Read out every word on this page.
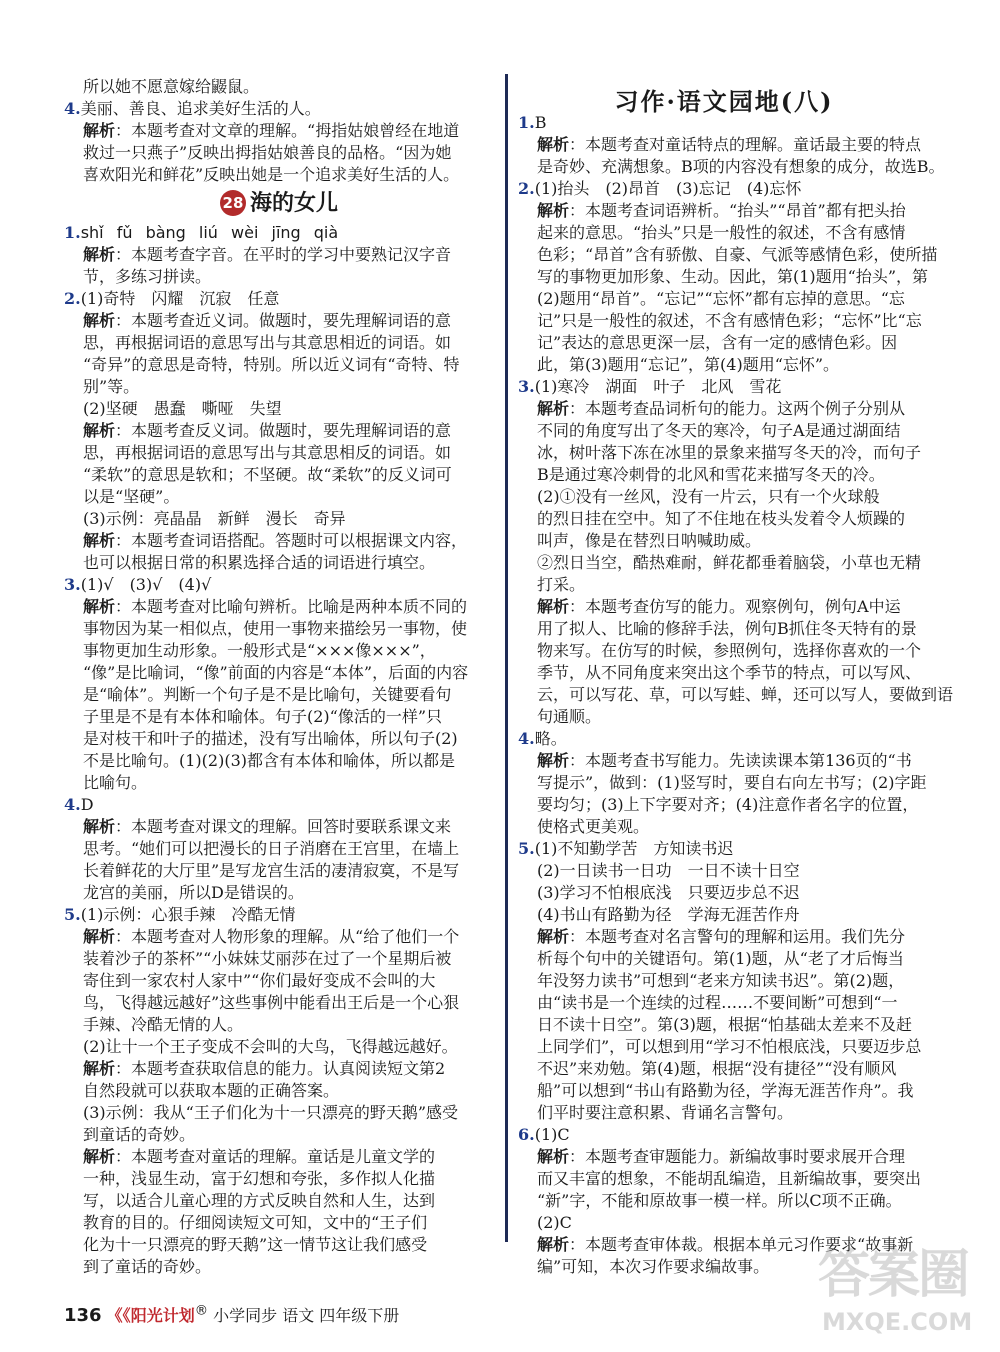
习作·语文园地(八)
所以她不愿意嫁给鼹鼠。
4.美丽、善良、追求美好生活的人。
解析：本题考查对文章的理解。“拇指姑娘曾经在地道
救过一只燕子”反映出拇指姑娘善良的品格。“因为她
喜欢阳光和鲜花”反映出她是一个追求美好生活的人。
28 海的女儿
1.shǐ fǔ bàng liú wèi jīng qià
解析：本题考查字音。在平时的学习中要熟记汉字音
节，多练习拼读。
2.(1)奇特　闪耀　沉寂　任意
解析：本题考查近义词。做题时，要先理解词语的意
思，再根据词语的意思写出与其意思相近的词语。如
“奇异”的意思是奇特，特别。所以近义词有“奇特、特
别”等。
(2)坚硬　愚蠢　嘶哑　失望
解析：本题考查反义词。做题时，要先理解词语的意
思，再根据词语的意思写出与其意思相反的词语。如
“柔软”的意思是软和；不坚硬。故“柔软”的反义词可
以是“坚硬”。
(3)示例：亮晶晶　新鲜　漫长　奇异
解析：本题考查词语搭配。答题时可以根据课文内容，
也可以根据日常的积累选择合适的词语进行填空。
3.(1)√　(3)√　(4)√
解析：本题考查对比喻句辨析。比喻是两种本质不同的
事物因为某一相似点，使用一事物来描绘另一事物，使
事物更加生动形象。一般形式是“×××像×××”，
“像”是比喻词，“像”前面的内容是“本体”，后面的内容
是“喻体”。判断一个句子是不是比喻句，关键要看句
子里是不是有本体和喻体。句子(2)“像活的一样”只
是对枝干和叶子的描述，没有写出喻体，所以句子(2)
不是比喻句。(1)(2)(3)都含有本体和喻体，所以都是
比喻句。
4.D
解析：本题考查对课文的理解。回答时要联系课文来
思考。“她们可以把漫长的日子消磨在王宫里，在墙上
长着鲜花的大厅里”是写龙宫生活的凄清寂寞，不是写
龙宫的美丽，所以D是错误的。
5.(1)示例：心狠手辣　冷酷无情
解析：本题考查对人物形象的理解。从“给了他们一个
装着沙子的茶杯”“小妹妹艾丽莎在过了一个星期后被
寄住到一家农村人家中”“你们最好变成不会叫的大
鸟，飞得越远越好”这些事例中能看出王后是一个心狠
手辣、冷酷无情的人。
(2)让十一个王子变成不会叫的大鸟，飞得越远越好。
解析：本题考查获取信息的能力。认真阅读短文第2
自然段就可以获取本题的正确答案。
(3)示例：我从“王子们化为十一只漂亮的野天鹅”感受
到童话的奇妙。
解析：本题考查对童话的理解。童话是儿童文学的
一种，浅显生动，富于幻想和夸张，多作拟人化描
写，以适合儿童心理的方式反映自然和人生，达到
教育的目的。仔细阅读短文可知，文中的“王子们
化为十一只漂亮的野天鹅”这一情节这让我们感受
到了童话的奇妙。
1.B
解析：本题考查对童话特点的理解。童话最主要的特点
是奇妙、充满想象。B项的内容没有想象的成分，故选B。
2.(1)抬头　(2)昂首　(3)忘记　(4)忘怀
解析：本题考查词语辨析。“抬头”“昂首”都有把头抬
起来的意思。“抬头”只是一般性的叙述，不含有感情
色彩；“昂首”含有骄傲、自豪、气派等感情色彩，使所描
写的事物更加形象、生动。因此，第(1)题用“抬头”，第
(2)题用“昂首”。“忘记”“忘怀”都有忘掉的意思。“忘
记”只是一般性的叙述，不含有感情色彩；“忘怀”比“忘
记”表达的意思更深一层，含有一定的感情色彩。因
此，第(3)题用“忘记”，第(4)题用“忘怀”。
3.(1)寒冷　湖面　叶子　北风　雪花
解析：本题考查品词析句的能力。这两个例子分别从
不同的角度写出了冬天的寒冷，句子A是通过湖面结
冰，树叶落下冻在冰里的景象来描写冬天的冷，而句子
B是通过寒冷刺骨的北风和雪花来描写冬天的冷。
(2)①没有一丝风，没有一片云，只有一个火球般
的烈日挂在空中。知了不住地在枝头发着令人烦躁的
叫声，像是在替烈日呐喊助威。
②烈日当空，酷热难耐，鲜花都垂着脑袋，小草也无精
打采。
解析：本题考查仿写的能力。观察例句，例句A中运
用了拟人、比喻的修辞手法，例句B抓住冬天特有的景
物来写。在仿写的时候，参照例句，选择你喜欢的一个
季节，从不同角度来突出这个季节的特点，可以写风、
云，可以写花、草，可以写蛙、蝉，还可以写人，要做到语
句通顺。
4.略。
解析：本题考查书写能力。先读读课本第136页的“书
写提示”，做到：(1)竖写时，要自右向左书写；(2)字距
要均匀；(3)上下字要对齐；(4)注意作者名字的位置，
使格式更美观。
5.(1)不知勤学苦　方知读书迟
(2)一日读书一日功　一日不读十日空
(3)学习不怕根底浅　只要迈步总不迟
(4)书山有路勤为径　学海无涯苦作舟
解析：本题考查对名言警句的理解和运用。我们先分
析每个句中的关键语句。第(1)题，从“老了才后悔当
年没努力读书”可想到“老来方知读书迟”。第(2)题，
由“读书是一个连续的过程……不要间断”可想到“一
日不读十日空”。第(3)题，根据“怕基础太差来不及赶
上同学们”，可以想到用“学习不怕根底浅，只要迈步总
不迟”来劝勉。第(4)题，根据“没有捷径”“没有顺风
船”可以想到“书山有路勤为径，学海无涯苦作舟”。我
们平时要注意积累、背诵名言警句。
6.(1)C
解析：本题考查审题能力。新编故事时要求展开合理
而又丰富的想象，不能胡乱编造，且新编故事，要突出
“新”字，不能和原故事一模一样。所以C项不正确。
(2)C
解析：本题考查审体裁。根据本单元习作要求“故事新
编”可知，本次习作要求编故事。
136 《《阳光计划® 小学同步 语文 四年级下册
答案圈
MXQE.COM
